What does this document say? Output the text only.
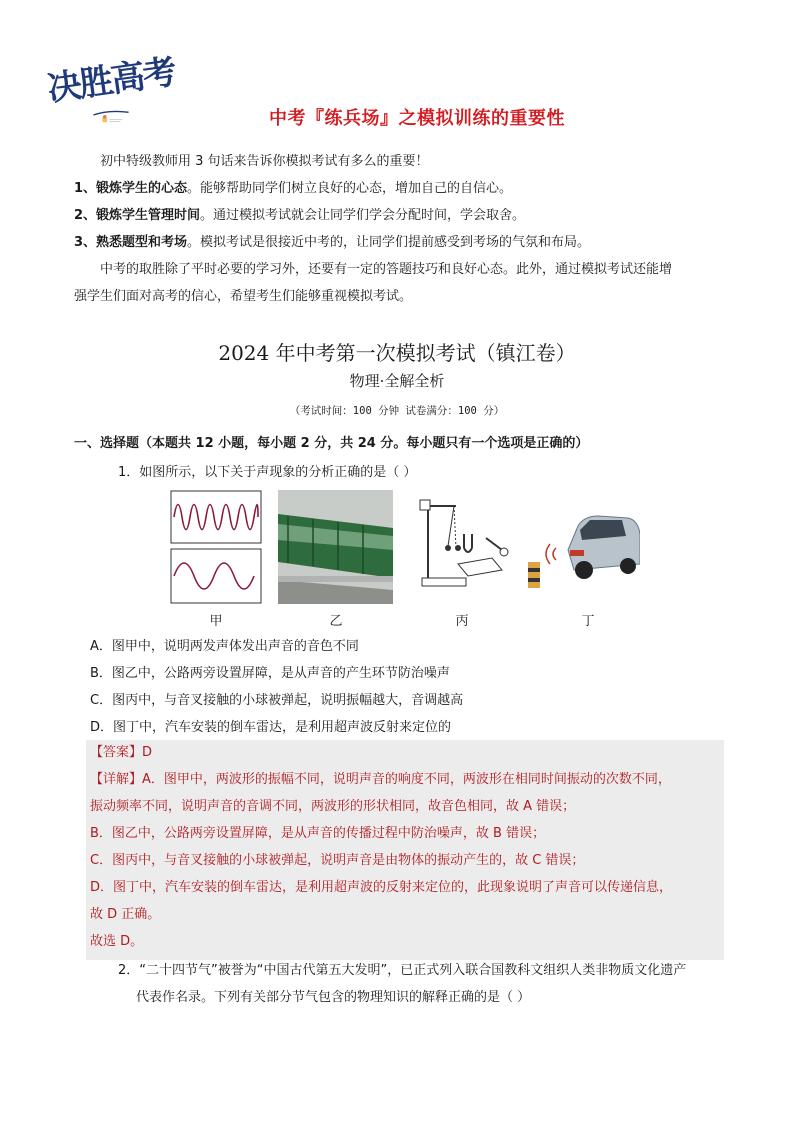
决胜高考
中考『练兵场』之模拟训练的重要性
初中特级教师用 3 句话来告诉你模拟考试有多么的重要！
1、锻炼学生的心态。能够帮助同学们树立良好的心态，增加自己的自信心。
2、锻炼学生管理时间。通过模拟考试就会让同学们学会分配时间，学会取舍。
3、熟悉题型和考场。模拟考试是很接近中考的，让同学们提前感受到考场的气氛和布局。
中考的取胜除了平时必要的学习外，还要有一定的答题技巧和良好心态。此外，通过模拟考试还能增
强学生们面对高考的信心，希望考生们能够重视模拟考试。
2024 年中考第一次模拟考试（镇江卷）
物理·全解全析
（考试时间：100 分钟 试卷满分：100 分）
一、选择题（本题共 12 小题，每小题 2 分，共 24 分。每小题只有一个选项是正确的）
1．如图所示，以下关于声现象的分析正确的是（ ）
甲	乙	丙	丁
A．图甲中，说明两发声体发出声音的音色不同
B．图乙中，公路两旁设置屏障，是从声音的产生环节防治噪声
C．图丙中，与音叉接触的小球被弹起，说明振幅越大，音调越高
D．图丁中，汽车安装的倒车雷达，是利用超声波反射来定位的
【答案】D
【详解】A．图甲中，两波形的振幅不同，说明声音的响度不同，两波形在相同时间振动的次数不同，
振动频率不同，说明声音的音调不同，两波形的形状相同，故音色相同，故 A 错误；
B．图乙中，公路两旁设置屏障，是从声音的传播过程中防治噪声，故 B 错误；
C．图丙中，与音叉接触的小球被弹起，说明声音是由物体的振动产生的，故 C 错误；
D．图丁中，汽车安装的倒车雷达，是利用超声波的反射来定位的，此现象说明了声音可以传递信息，
故 D 正确。
故选 D。
2．“二十四节气”被誉为“中国古代第五大发明”，已正式列入联合国教科文组织人类非物质文化遗产
代表作名录。下列有关部分节气包含的物理知识的解释正确的是（ ）
